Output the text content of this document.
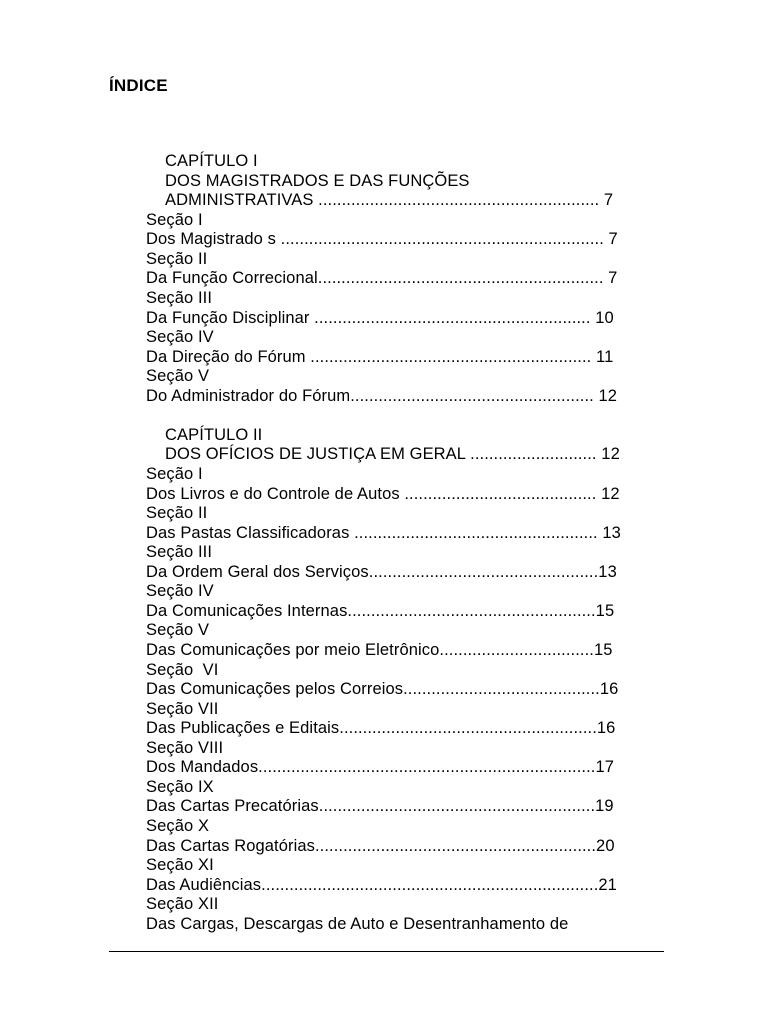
ÍNDICE
CAPÍTULO I
DOS MAGISTRADOS E DAS FUNÇÕES
ADMINISTRATIVAS ............................................................ 7
Seção I
Dos Magistrado s ..................................................................... 7
Seção II
Da Função Correcional............................................................. 7
Seção III
Da Função Disciplinar ........................................................... 10
Seção IV
Da Direção do Fórum ............................................................ 11
Seção V
Do Administrador do Fórum.................................................... 12
CAPÍTULO II
DOS OFÍCIOS DE JUSTIÇA EM GERAL ........................... 12
Seção I
Dos Livros e do Controle de Autos ......................................... 12
Seção II
Das Pastas Classificadoras .................................................... 13
Seção III
Da Ordem Geral dos Serviços.................................................13
Seção IV
Da Comunicações Internas.....................................................15
Seção V
Das Comunicações por meio Eletrônico.................................15
Seção  VI
Das Comunicações pelos Correios..........................................16
Seção VII
Das Publicações e Editais.......................................................16
Seção VIII
Dos Mandados........................................................................17
Seção IX
Das Cartas Precatórias...........................................................19
Seção X
Das Cartas Rogatórias............................................................20
Seção XI
Das Audiências........................................................................21
Seção XII
Das Cargas, Descargas de Auto e Desentranhamento de
